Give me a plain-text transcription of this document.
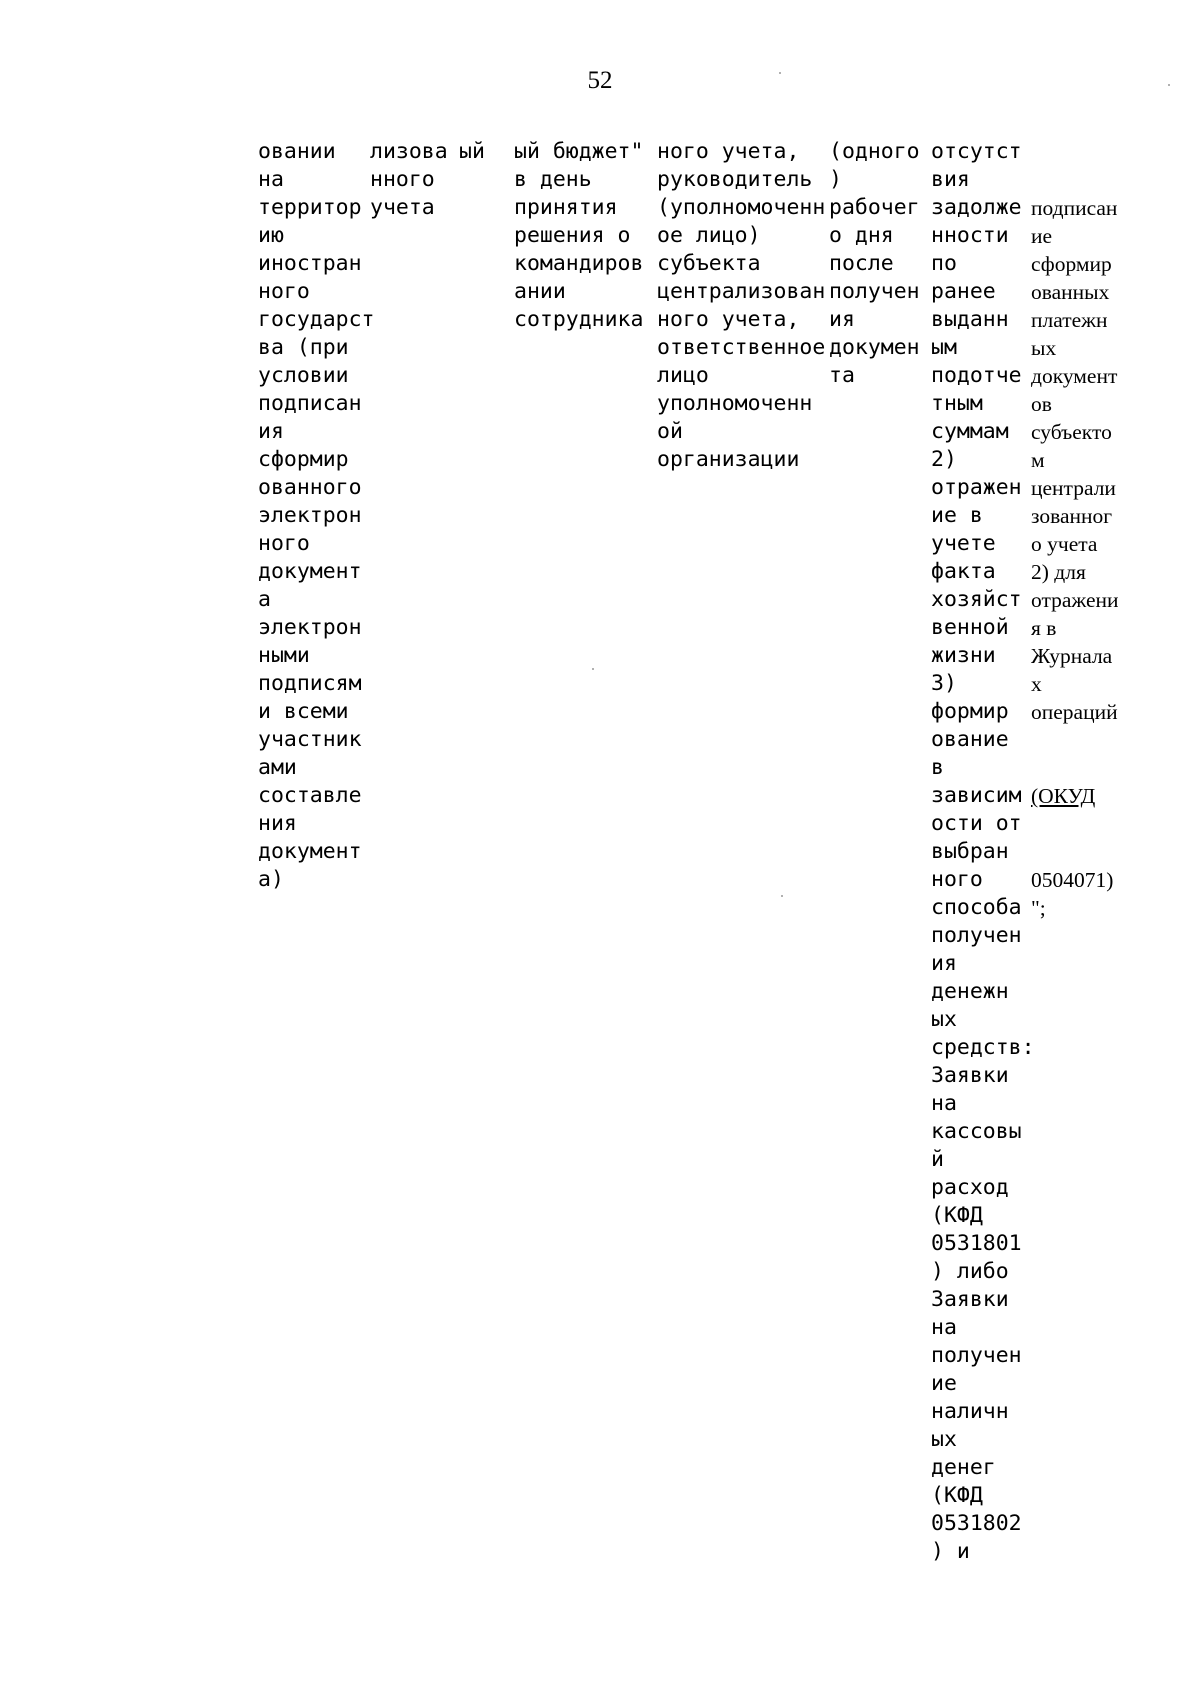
52
овании
на
территор
ию
иностран
ного
государст
ва (при
условии
подписан
ия
сформир
ованного
электрон
ного
документ
а
электрон
ными
подписям
и всеми
участник
ами
составле
ния
документ
а)
лизова
нного
учета
ый ый бюджет"
в день
принятия
решения о
командиров
ании
сотрудника
ного учета,
руководитель
(уполномоченн
ое лицо)
субъекта
централизован
ного учета,
ответственное
лицо
уполномоченн
ой
организации
(одного
)
рабочег
о дня
после
получен
ия
докумен
та
отсутст
вия
задолже
нности
по
ранее
выданн
ым
подотче
тным
суммам
2)
отражен
ие в
учете
факта
хозяйст
венной
жизни
3)
формир
ование
в
зависим
ости от
выбран
ного
способа
получен
ия
денежн
ых
средств:
Заявки
на
кассовы
й
расход
(КФД
0531801
) либо
Заявки
на
получен
ие
наличн
ых
денег
(КФД
0531802
) и

подписан
ие
сформир
ованных
платежн
ых
документ
ов
субъекто
м
централи
зованног
о учета
2) для
отражени
я в
Журнала
х
операций

(ОКУД

0504071)
";
